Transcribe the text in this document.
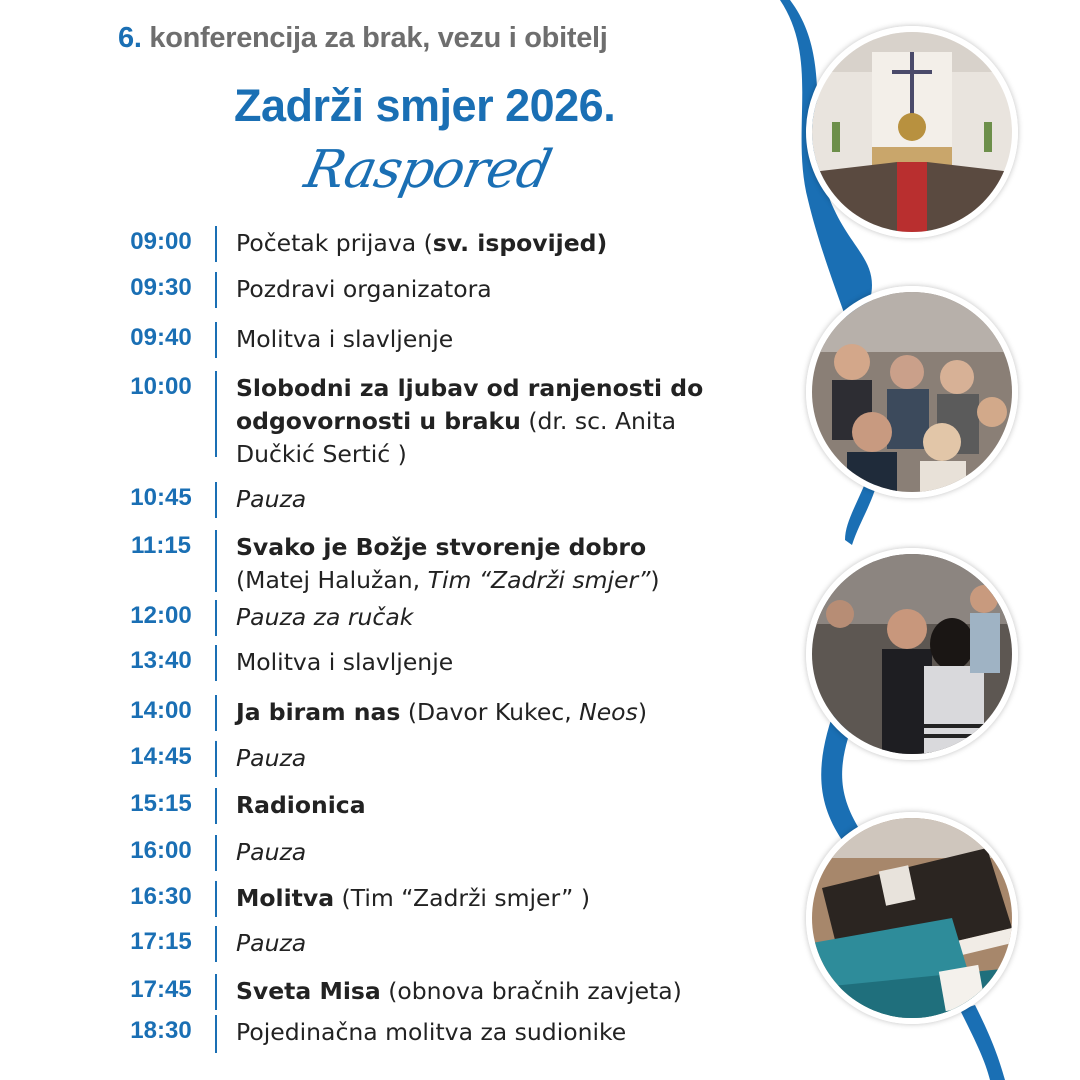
6. konferencija za brak, vezu i obitelj
Zadrži smjer 2026.
Raspored
09:00	Početak prijava (sv. ispovijed)
09:30	Pozdravi organizatora
09:40	Molitva i slavljenje
10:00	Slobodni za ljubav od ranjenosti do odgovornosti u braku (dr. sc. Anita Dučkić Sertić )
10:45	Pauza
11:15	Svako je Božje stvorenje dobro
(Matej Halužan, Tim “Zadrži smjer”)
12:00	Pauza za ručak
13:40	Molitva i slavljenje
14:00	Ja biram nas (Davor Kukec, Neos)
14:45	Pauza
15:15	Radionica
16:00	Pauza
16:30	Molitva (Tim “Zadrži smjer” )
17:15	Pauza
17:45	Sveta Misa (obnova bračnih zavjeta)
18:30	Pojedinačna molitva za sudionike
